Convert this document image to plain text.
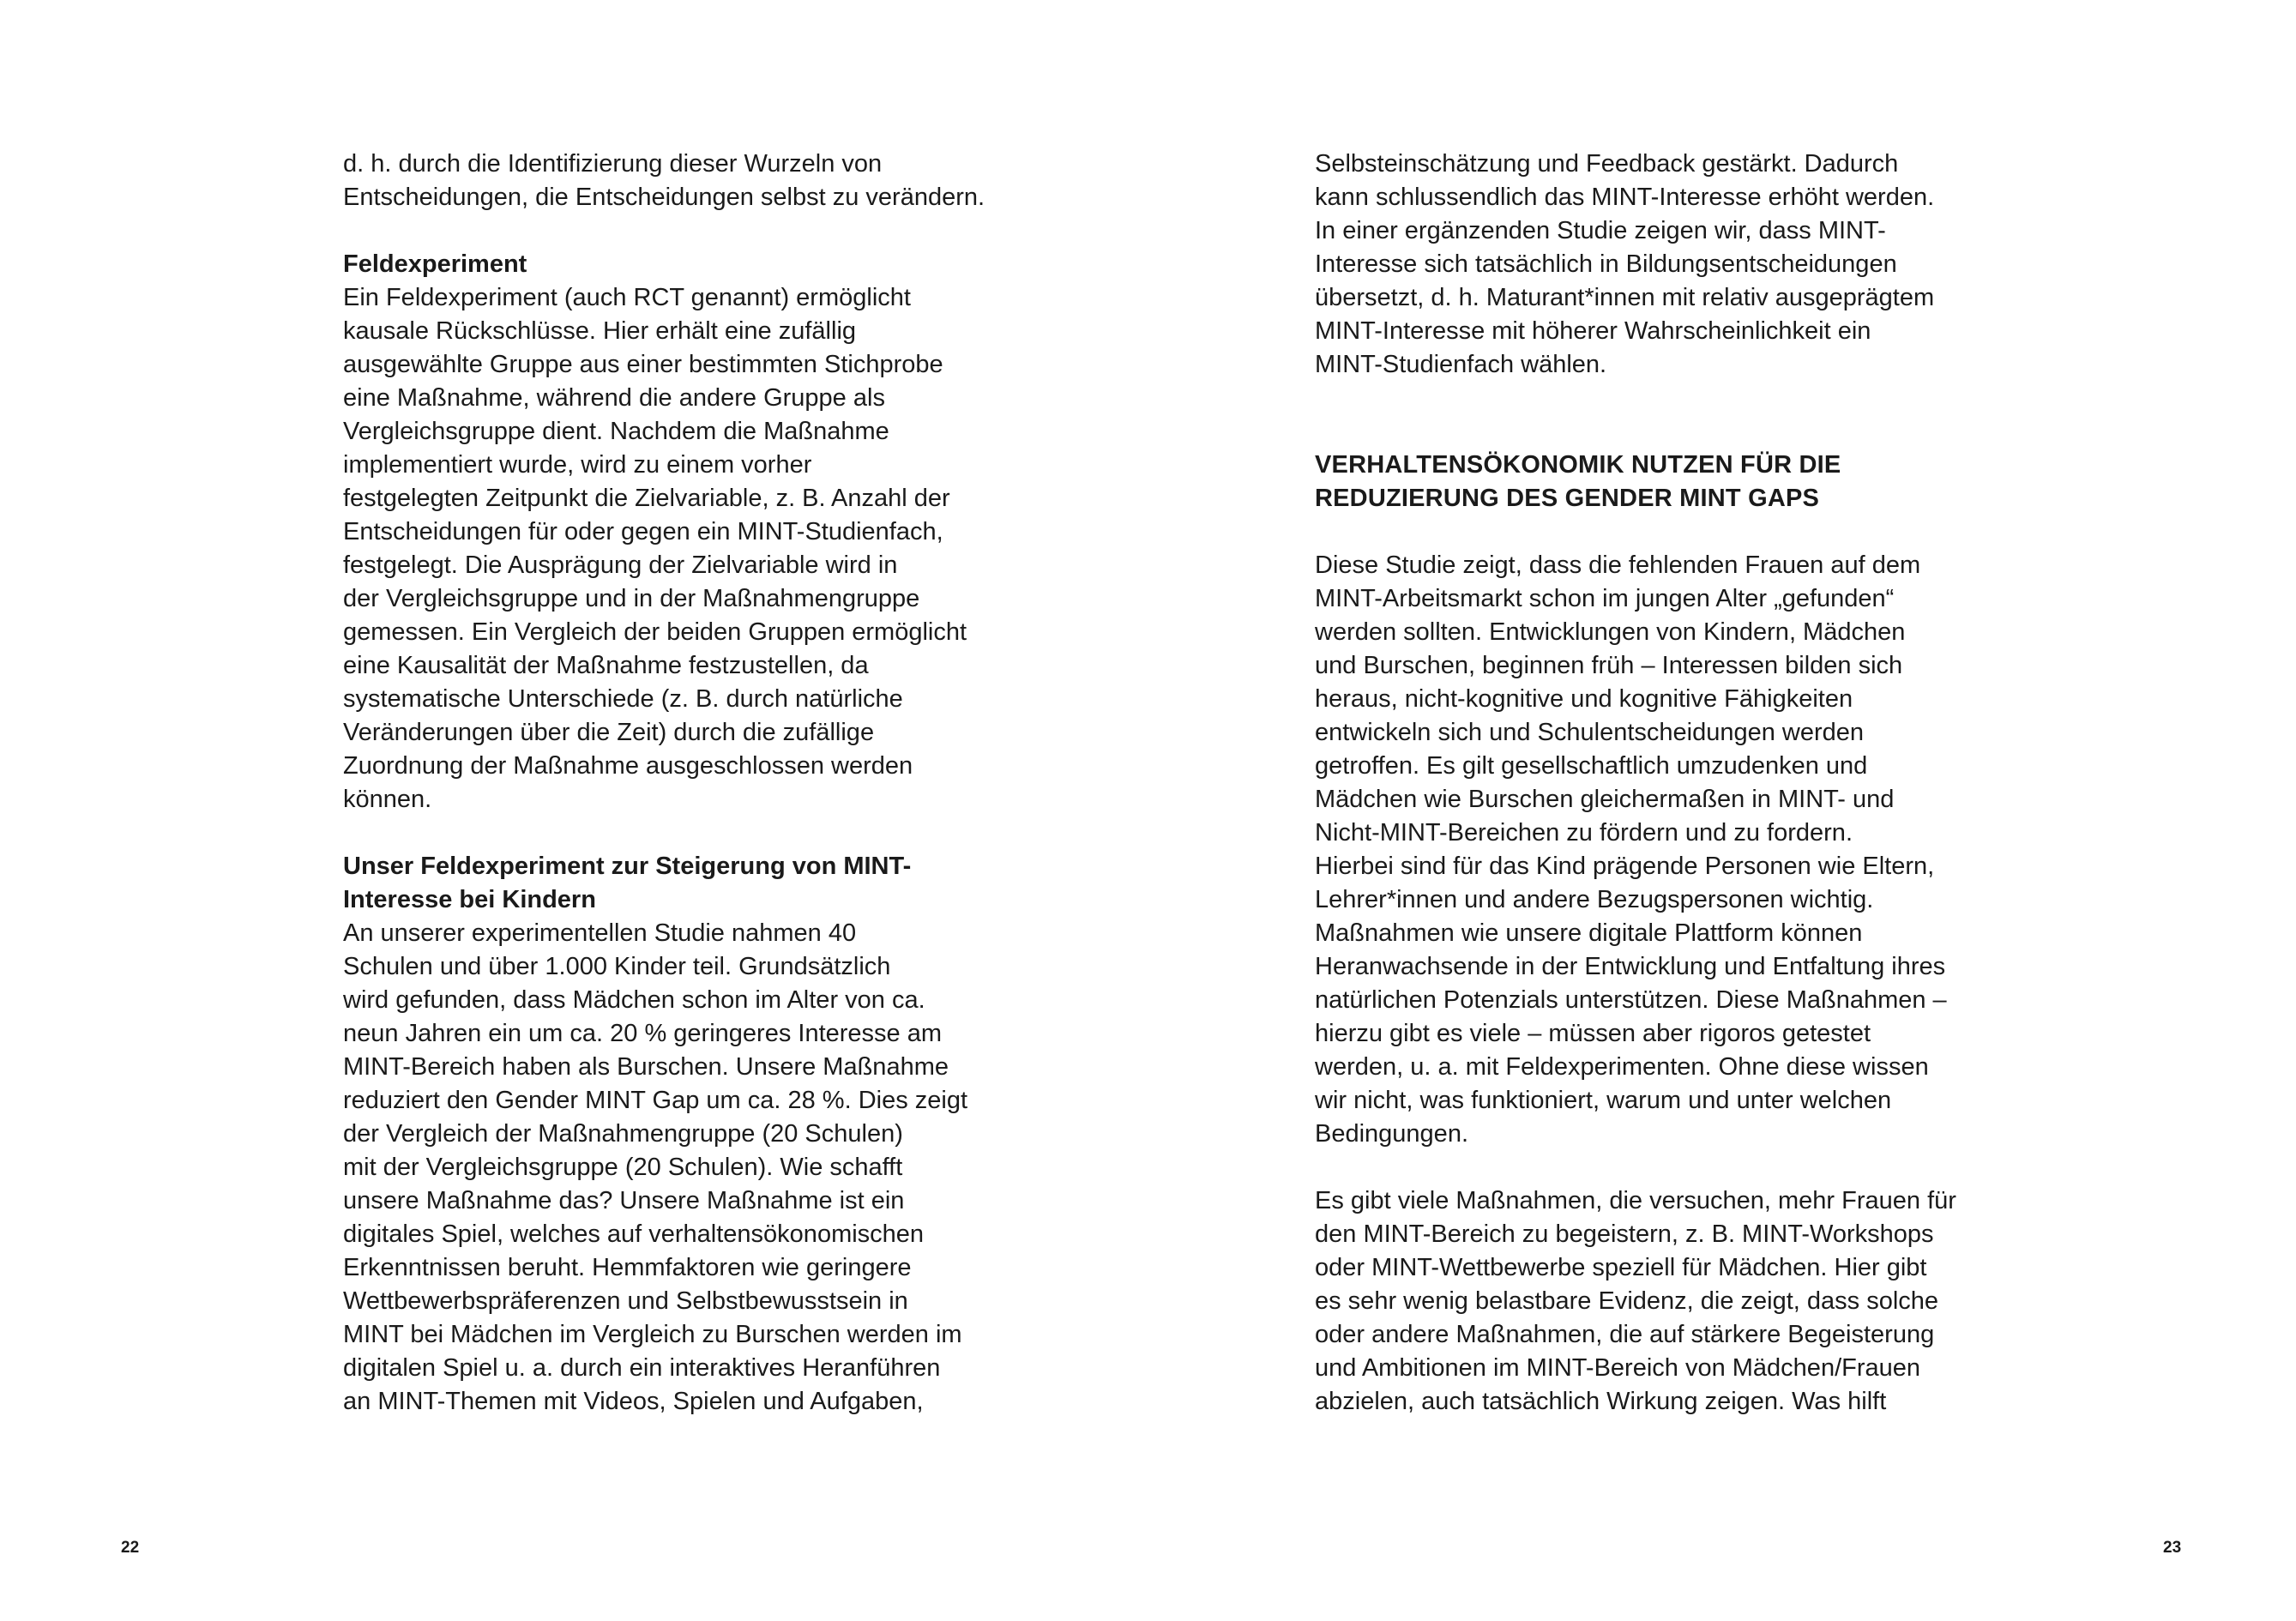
d. h. durch die Identifizierung dieser Wurzeln von
Entscheidungen, die Entscheidungen selbst zu verändern.
Feldexperiment
Ein Feldexperiment (auch RCT genannt) ermöglicht
kausale Rückschlüsse. Hier erhält eine zufällig
ausgewählte Gruppe aus einer bestimmten Stichprobe
eine Maßnahme, während die andere Gruppe als
Vergleichsgruppe dient. Nachdem die Maßnahme
implementiert wurde, wird zu einem vorher
festgelegten Zeitpunkt die Zielvariable, z. B. Anzahl der
Entscheidungen für oder gegen ein MINT-Studienfach,
festgelegt. Die Ausprägung der Zielvariable wird in
der Vergleichsgruppe und in der Maßnahmengruppe
gemessen. Ein Vergleich der beiden Gruppen ermöglicht
eine Kausalität der Maßnahme festzustellen, da
systematische Unterschiede (z. B. durch natürliche
Veränderungen über die Zeit) durch die zufällige
Zuordnung der Maßnahme ausgeschlossen werden
können.
Unser Feldexperiment zur Steigerung von MINT-
Interesse bei Kindern
An unserer experimentellen Studie nahmen 40
Schulen und über 1.000 Kinder teil. Grundsätzlich
wird gefunden, dass Mädchen schon im Alter von ca.
neun Jahren ein um ca. 20 % geringeres Interesse am
MINT-Bereich haben als Burschen. Unsere Maßnahme
reduziert den Gender MINT Gap um ca. 28 %. Dies zeigt
der Vergleich der Maßnahmengruppe (20 Schulen)
mit der Vergleichsgruppe (20 Schulen). Wie schafft
unsere Maßnahme das? Unsere Maßnahme ist ein
digitales Spiel, welches auf verhaltensökonomischen
Erkenntnissen beruht. Hemmfaktoren wie geringere
Wettbewerbspräferenzen und Selbstbewusstsein in
MINT bei Mädchen im Vergleich zu Burschen werden im
digitalen Spiel u. a. durch ein interaktives Heranführen
an MINT-Themen mit Videos, Spielen und Aufgaben,
22
Selbsteinschätzung und Feedback gestärkt. Dadurch
kann schlussendlich das MINT-Interesse erhöht werden.
In einer ergänzenden Studie zeigen wir, dass MINT-
Interesse sich tatsächlich in Bildungsentscheidungen
übersetzt, d. h. Maturant*innen mit relativ ausgeprägtem
MINT-Interesse mit höherer Wahrscheinlichkeit ein
MINT-Studienfach wählen.
VERHALTENSÖKONOMIK NUTZEN FÜR DIE
REDUZIERUNG DES GENDER MINT GAPS
Diese Studie zeigt, dass die fehlenden Frauen auf dem
MINT-Arbeitsmarkt schon im jungen Alter „gefunden“
werden sollten. Entwicklungen von Kindern, Mädchen
und Burschen, beginnen früh – Interessen bilden sich
heraus, nicht-kognitive und kognitive Fähigkeiten
entwickeln sich und Schulentscheidungen werden
getroffen. Es gilt gesellschaftlich umzudenken und
Mädchen wie Burschen gleichermaßen in MINT- und
Nicht-MINT-Bereichen zu fördern und zu fordern.
Hierbei sind für das Kind prägende Personen wie Eltern,
Lehrer*innen und andere Bezugspersonen wichtig.
Maßnahmen wie unsere digitale Plattform können
Heranwachsende in der Entwicklung und Entfaltung ihres
natürlichen Potenzials unterstützen. Diese Maßnahmen –
hierzu gibt es viele – müssen aber rigoros getestet
werden, u. a. mit Feldexperimenten. Ohne diese wissen
wir nicht, was funktioniert, warum und unter welchen
Bedingungen.
Es gibt viele Maßnahmen, die versuchen, mehr Frauen für
den MINT-Bereich zu begeistern, z. B. MINT-Workshops
oder MINT-Wettbewerbe speziell für Mädchen. Hier gibt
es sehr wenig belastbare Evidenz, die zeigt, dass solche
oder andere Maßnahmen, die auf stärkere Begeisterung
und Ambitionen im MINT-Bereich von Mädchen/Frauen
abzielen, auch tatsächlich Wirkung zeigen. Was hilft
23
